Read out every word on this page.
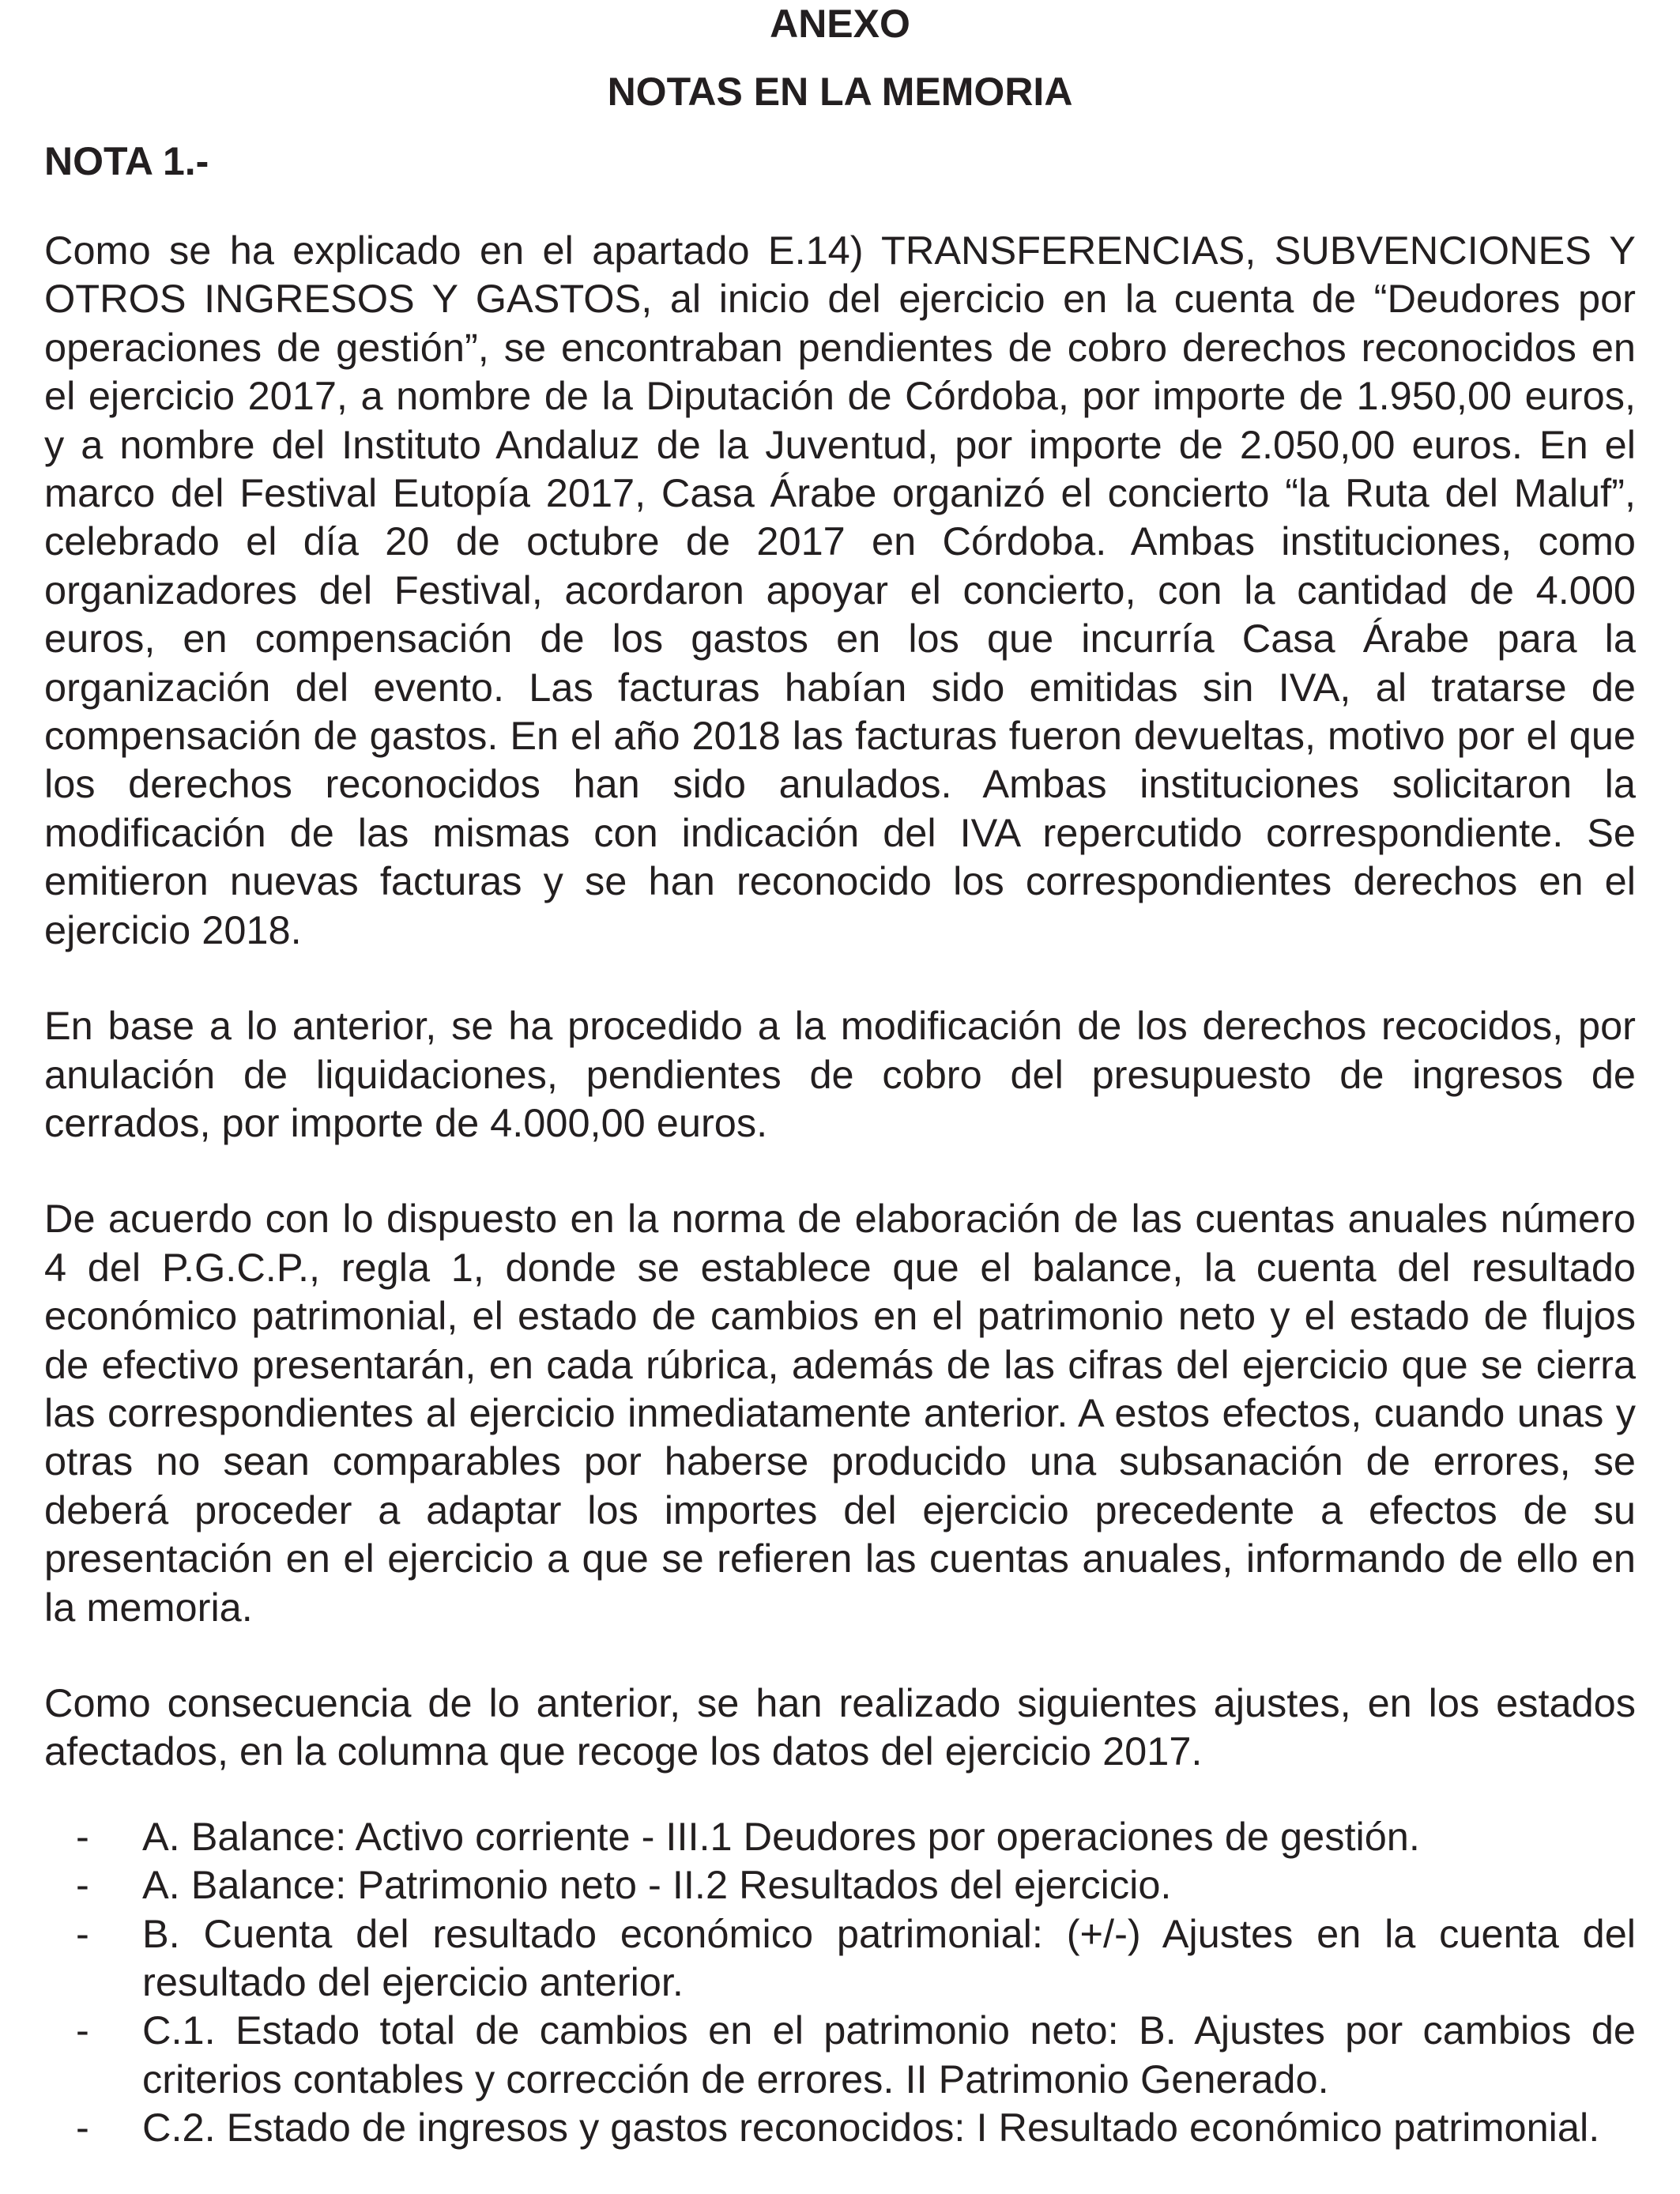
ANEXO
NOTAS EN LA MEMORIA
NOTA 1.-

Como se ha explicado en el apartado E.14) TRANSFERENCIAS, SUBVENCIONES Y OTROS INGRESOS Y GASTOS, al inicio del ejercicio en la cuenta de “Deudores por operaciones de gestión”, se encontraban pendientes de cobro derechos reconocidos en el ejercicio 2017, a nombre de la Diputación de Córdoba, por importe de 1.950,00 euros, y a nombre del Instituto Andaluz de la Juventud, por importe de 2.050,00 euros. En el marco del Festival Eutopía 2017, Casa Árabe organizó el concierto “la Ruta del Maluf”, celebrado el día 20 de octubre de 2017 en Córdoba. Ambas instituciones, como organizadores del Festival, acordaron apoyar el concierto, con la cantidad de 4.000 euros, en compensación de los gastos en los que incurría Casa Árabe para la organización del evento. Las facturas habían sido emitidas sin IVA, al tratarse de compensación de gastos. En el año 2018 las facturas fueron devueltas, motivo por el que los derechos reconocidos han sido anulados. Ambas instituciones solicitaron la modificación de las mismas con indicación del IVA repercutido correspondiente. Se emitieron nuevas facturas y se han reconocido los correspondientes derechos en el ejercicio 2018.

En base a lo anterior, se ha procedido a la modificación de los derechos recocidos, por anulación de liquidaciones, pendientes de cobro del presupuesto de ingresos de cerrados, por importe de 4.000,00 euros.

De acuerdo con lo dispuesto en la norma de elaboración de las cuentas anuales número 4 del P.G.C.P., regla 1, donde se establece que el balance, la cuenta del resultado económico patrimonial, el estado de cambios en el patrimonio neto y el estado de flujos de efectivo presentarán, en cada rúbrica, además de las cifras del ejercicio que se cierra las correspondientes al ejercicio inmediatamente anterior. A estos efectos, cuando unas y otras no sean comparables por haberse producido una subsanación de errores, se deberá proceder a adaptar los importes del ejercicio precedente a efectos de su presentación en el ejercicio a que se refieren las cuentas anuales, informando de ello en la memoria.

Como consecuencia de lo anterior, se han realizado siguientes ajustes, en los estados afectados, en la columna que recoge los datos del ejercicio 2017.

- A. Balance: Activo corriente - III.1 Deudores por operaciones de gestión.
- A. Balance: Patrimonio neto - II.2 Resultados del ejercicio.
- B. Cuenta del resultado económico patrimonial: (+/-) Ajustes en la cuenta del resultado del ejercicio anterior.
- C.1. Estado total de cambios en el patrimonio neto: B. Ajustes por cambios de criterios contables y corrección de errores. II Patrimonio Generado.
- C.2. Estado de ingresos y gastos reconocidos: I Resultado económico patrimonial.
